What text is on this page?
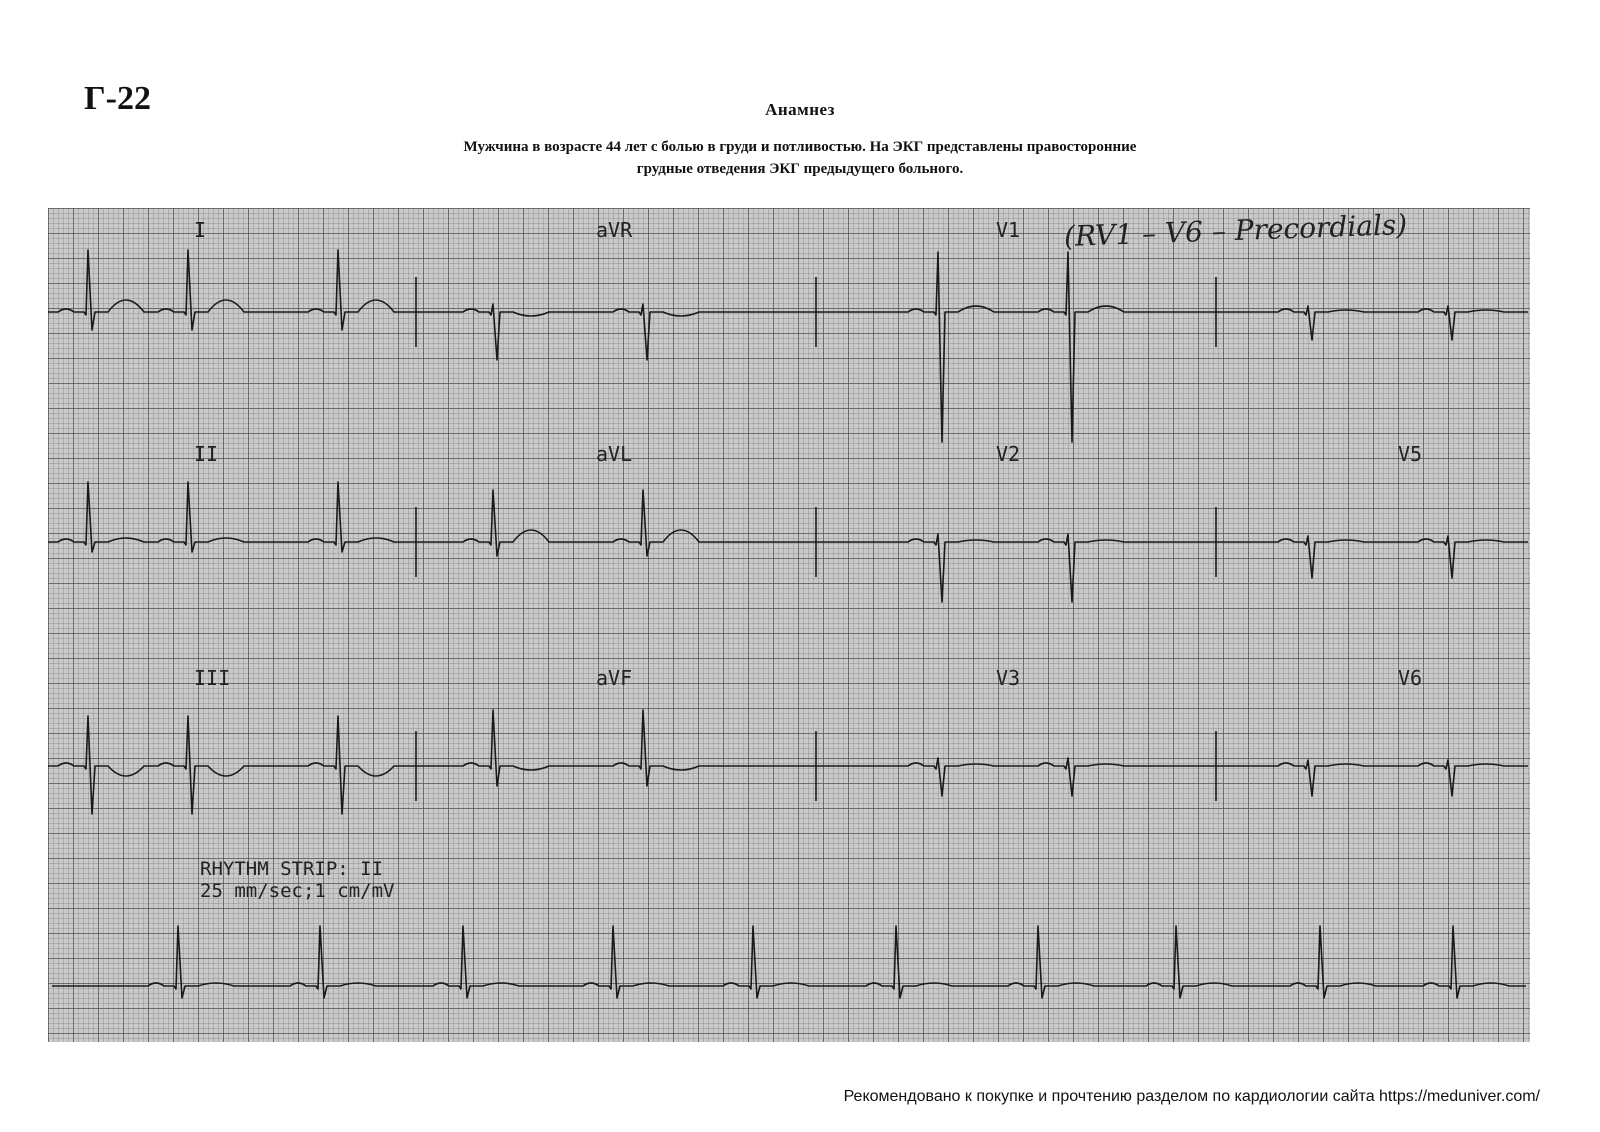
Г-22	Анамнез
Мужчина в возрасте 44 лет с болью в груди и потливостью. На ЭКГ представлены правосторонние
грудные отведения ЭКГ предыдущего больного.
I	aVR	V1
II	aVL	V2	V5
III	aVF	V3	V6
(RV1 – V6 – Precordials)
RHYTHM STRIP: II
25 mm/sec;1 cm/mV
Рекомендовано к покупке и прочтению разделом по кардиологии сайта https://meduniver.com/
